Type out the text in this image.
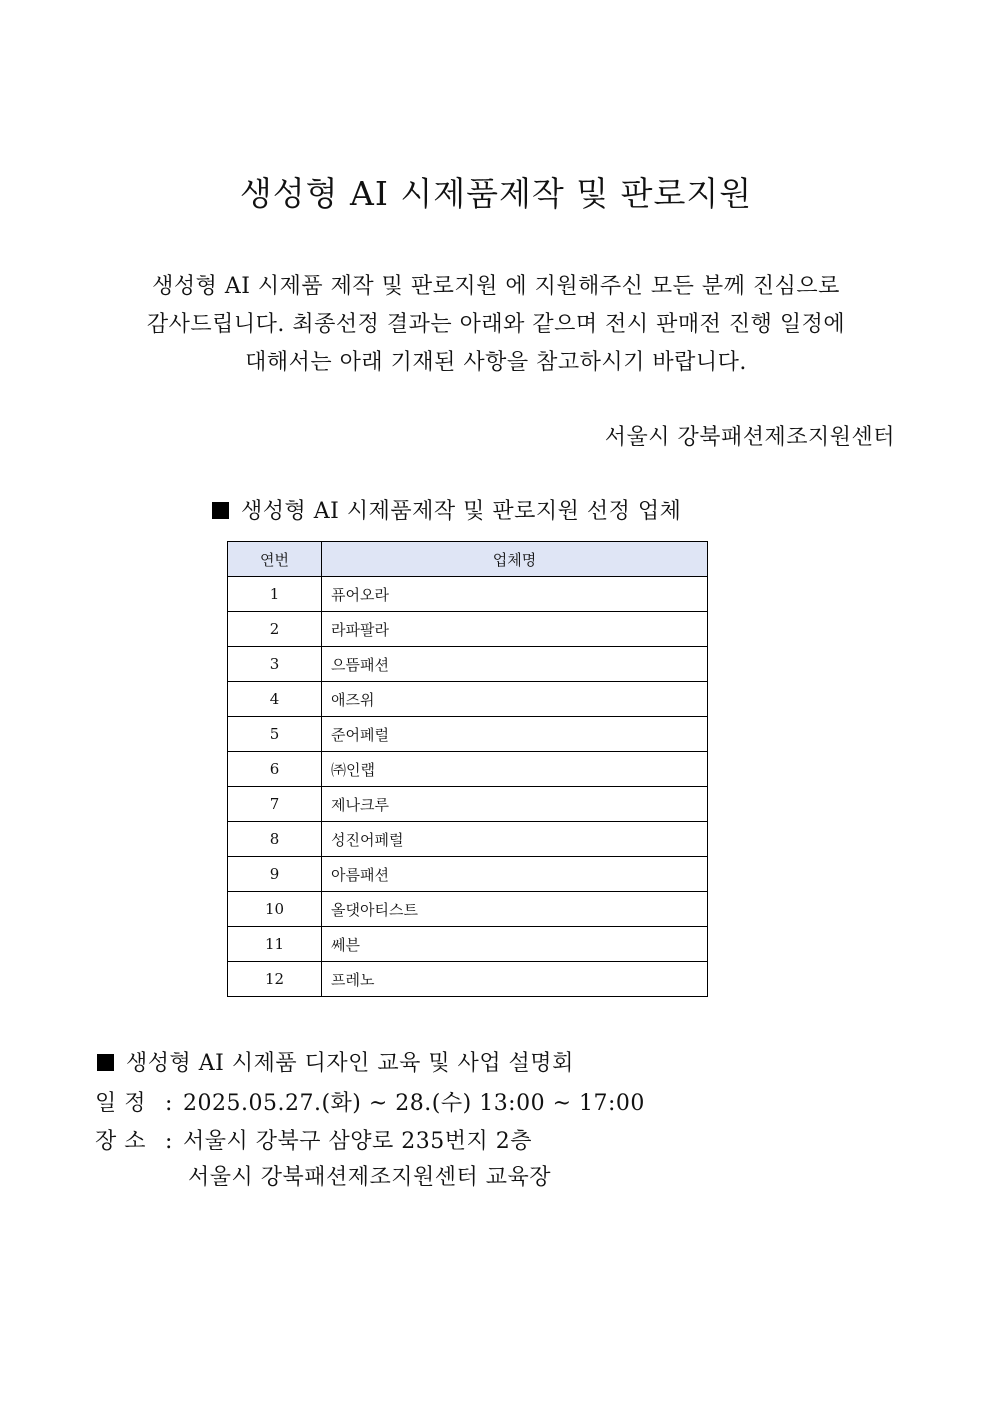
생성형 AI 시제품제작 및 판로지원
생성형 AI 시제품 제작 및 판로지원 에 지원해주신 모든 분께 진심으로
감사드립니다. 최종선정 결과는 아래와 같으며 전시 판매전 진행 일정에
대해서는 아래 기재된 사항을 참고하시기 바랍니다.

서울시 강북패션제조지원센터

생성형 AI 시제품제작 및 판로지원 선정 업체
연번	업체명
1	퓨어오라
2	라파팔라
3	으뜸패션
4	애즈위
5	준어페럴
6	㈜인랩
7	제나크루
8	성진어페럴
9	아름패션
10	올댓아티스트
11	쎄븐
12	프레노
생성형 AI 시제품 디자인 교육 및 사업 설명회

일 정 : 2025.05.27.(화) ~ 28.(수) 13:00 ~ 17:00

장 소 : 서울시 강북구 삼양로 235번지 2층

서울시 강북패션제조지원센터 교육장
